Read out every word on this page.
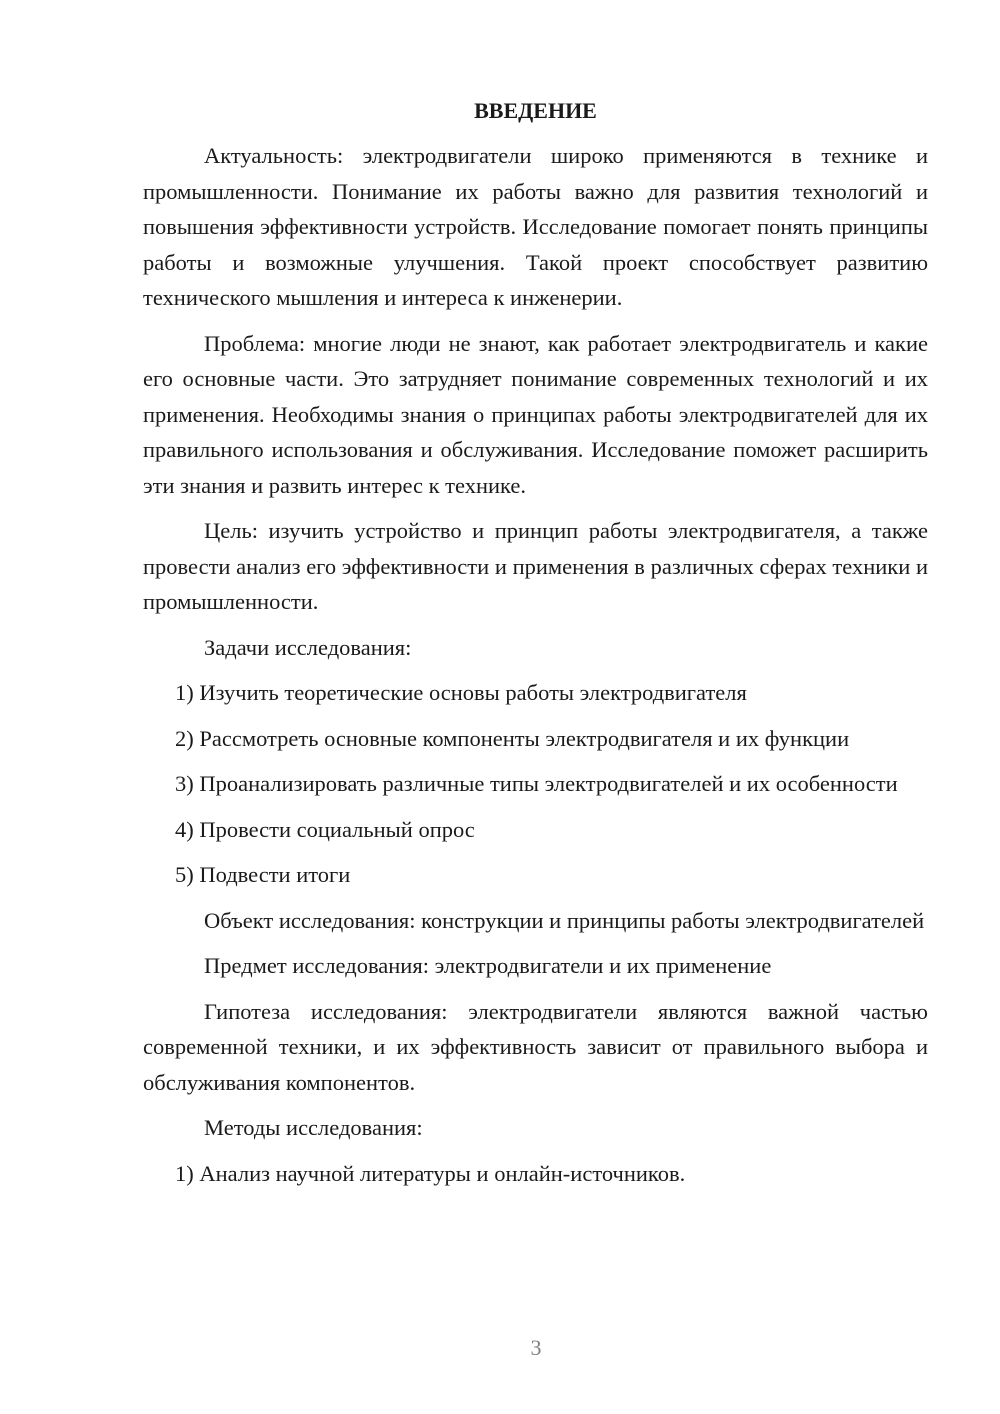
ВВЕДЕНИЕ
Актуальность: электродвигатели широко применяются в технике и промышленности. Понимание их работы важно для развития технологий и повышения эффективности устройств. Исследование помогает понять принципы работы и возможные улучшения. Такой проект способствует развитию технического мышления и интереса к инженерии.
Проблема: многие люди не знают, как работает электродвигатель и какие его основные части. Это затрудняет понимание современных технологий и их применения. Необходимы знания о принципах работы электродвигателей для их правильного использования и обслуживания. Исследование поможет расширить эти знания и развить интерес к технике.
Цель: изучить устройство и принцип работы электродвигателя, а также провести анализ его эффективности и применения в различных сферах техники и промышленности.
Задачи исследования:
1) Изучить теоретические основы работы электродвигателя
2) Рассмотреть основные компоненты электродвигателя и их функции
3) Проанализировать различные типы электродвигателей и их особенности
4) Провести социальный опрос
5) Подвести итоги
Объект исследования: конструкции и принципы работы электродвигателей
Предмет исследования: электродвигатели и их применение
Гипотеза исследования: электродвигатели являются важной частью современной техники, и их эффективность зависит от правильного выбора и обслуживания компонентов.
Методы исследования:
1) Анализ научной литературы и онлайн-источников.
3
